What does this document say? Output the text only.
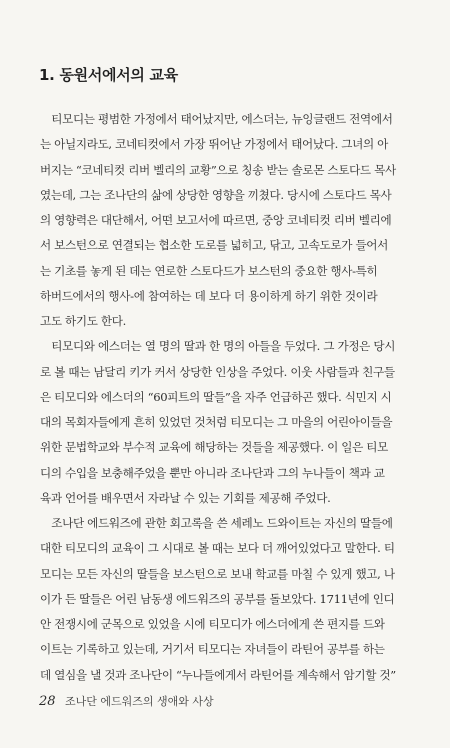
1. 동원서에서의 교육
　티모디는 평범한 가정에서 태어났지만, 에스더는, 뉴잉글랜드 전역에서
는 아닐지라도, 코네티컷에서 가장 뛰어난 가정에서 태어났다. 그녀의 아
버지는 “코네티컷 리버 벨리의 교황”으로 칭송 받는 솔로몬 스토다드 목사
였는데, 그는 조나단의 삶에 상당한 영향을 끼쳤다. 당시에 스토다드 목사
의 영향력은 대단해서, 어떤 보고서에 따르면, 중앙 코네티컷 리버 벨리에
서 보스턴으로 연결되는 협소한 도로를 넓히고, 닦고, 고속도로가 들어서
는 기초를 놓게 된 데는 연로한 스토다드가 보스턴의 중요한 행사-특히
하버드에서의 행사-에 참여하는 데 보다 더 용이하게 하기 위한 것이라
고도 하기도 한다.
　티모디와 에스더는 열 명의 딸과 한 명의 아들을 두었다. 그 가정은 당시
로 볼 때는 남달리 키가 커서 상당한 인상을 주었다. 이웃 사람들과 친구들
은 티모디와 에스더의 “60피트의 딸들”을 자주 언급하곤 했다. 식민지 시
대의 목회자들에게 흔히 있었던 것처럼 티모디는 그 마을의 어린아이들을
위한 문법학교와 부수적 교육에 해당하는 것들을 제공했다. 이 일은 티모
디의 수입을 보충해주었을 뿐만 아니라 조나단과 그의 누나들이 책과 교
육과 언어를 배우면서 자라날 수 있는 기회를 제공해 주었다.
　조나단 에드워즈에 관한 회고록을 쓴 세레노 드와이트는 자신의 딸들에
대한 티모디의 교육이 그 시대로 볼 때는 보다 더 깨어있었다고 말한다. 티
모디는 모든 자신의 딸들을 보스턴으로 보내 학교를 마칠 수 있게 했고, 나
이가 든 딸들은 어린 남동생 에드워즈의 공부를 돌보았다. 1711년에 인디
안 전쟁시에 군목으로 있었을 시에 티모디가 에스더에게 쓴 편지를 드와
이트는 기록하고 있는데, 거기서 티모디는 자녀들이 라틴어 공부를 하는
데 열심을 낼 것과 조나단이 “누나들에게서 라틴어를 계속해서 암기할 것”
28 조나단 에드워즈의 생애와 사상
